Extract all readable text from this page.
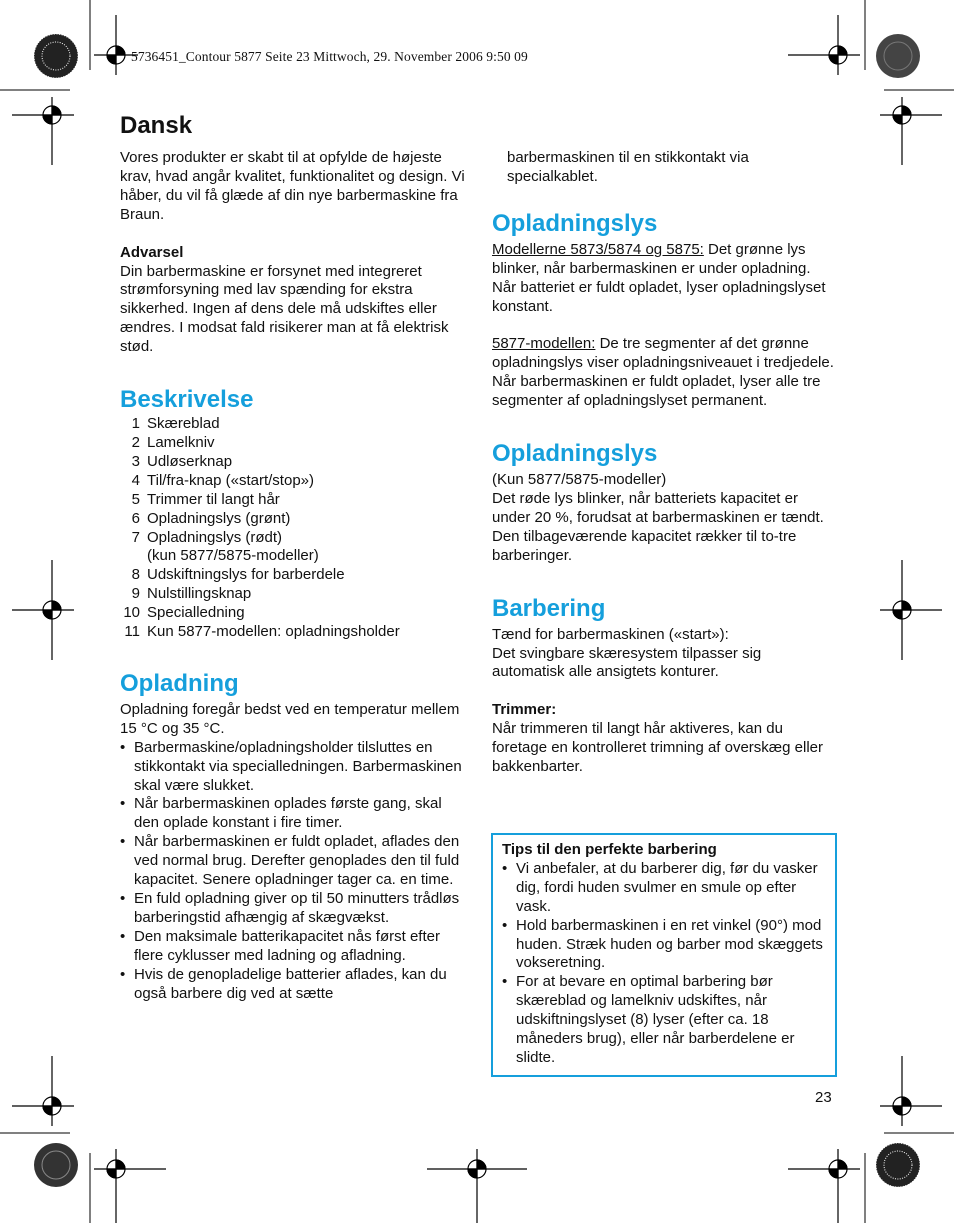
5736451_Contour 5877 Seite 23 Mittwoch, 29. November 2006 9:50 09
Dansk

Vores produkter er skabt til at opfylde de højeste krav, hvad angår kvalitet, funktionalitet og design. Vi håber, du vil få glæde af din nye barbermaskine fra Braun.

Advarsel

Din barbermaskine er forsynet med integreret strømforsyning med lav spænding for ekstra sikkerhed. Ingen af dens dele må udskiftes eller ændres. I modsat fald risikerer man at få elektrisk stød.

Beskrivelse
1 Skæreblad
2 Lamelkniv
3 Udløserknap
4 Til/fra-knap («start/stop»)
5 Trimmer til langt hår
6 Opladningslys (grønt)
7 Opladningslys (rødt)
(kun 5877/5875-modeller)
8 Udskiftningslys for barberdele
9 Nulstillingsknap
10 Specialledning
11 Kun 5877-modellen: opladningsholder
Opladning

Opladning foregår bedst ved en temperatur mellem 15 °C og 35 °C.

• Barbermaskine/opladningsholder tilsluttes en stikkontakt via specialledningen. Barbermaskinen skal være slukket.
• Når barbermaskinen oplades første gang, skal den oplade konstant i fire timer.
• Når barbermaskinen er fuldt opladet, aflades den ved normal brug. Derefter genoplades den til fuld kapacitet. Senere opladninger tager ca. en time.
• En fuld opladning giver op til 50 minutters trådløs barberingstid afhængig af skægvækst.
• Den maksimale batterikapacitet nås først efter flere cyklusser med ladning og afladning.
• Hvis de genopladelige batterier aflades, kan du også barbere dig ved at sætte

barbermaskinen til en stikkontakt via specialkablet.

Opladningslys

Modellerne 5873/5874 og 5875: Det grønne lys blinker, når barbermaskinen er under opladning. Når batteriet er fuldt opladet, lyser opladningslyset konstant.

5877-modellen: De tre segmenter af det grønne opladningslys viser opladningsniveauet i tredjedele. Når barbermaskinen er fuldt opladet, lyser alle tre segmenter af opladningslyset permanent.

Opladningslys

(Kun 5877/5875-modeller)

Det røde lys blinker, når batteriets kapacitet er under 20 %, forudsat at barbermaskinen er tændt. Den tilbageværende kapacitet rækker til to-tre barberinger.

Barbering

Tænd for barbermaskinen («start»):

Det svingbare skæresystem tilpasser sig automatisk alle ansigtets konturer.

Trimmer:

Når trimmeren til langt hår aktiveres, kan du foretage en kontrolleret trimning af overskæg eller bakkenbarter.

Tips til den perfekte barbering

• Vi anbefaler, at du barberer dig, før du vasker dig, fordi huden svulmer en smule op efter vask.
• Hold barbermaskinen i en ret vinkel (90°) mod huden. Stræk huden og barber mod skæggets vokseretning.
• For at bevare en optimal barbering bør skæreblad og lamelkniv udskiftes, når udskiftningslyset (8) lyser (efter ca. 18 måneders brug), eller når barberdelene er slidte.
23
